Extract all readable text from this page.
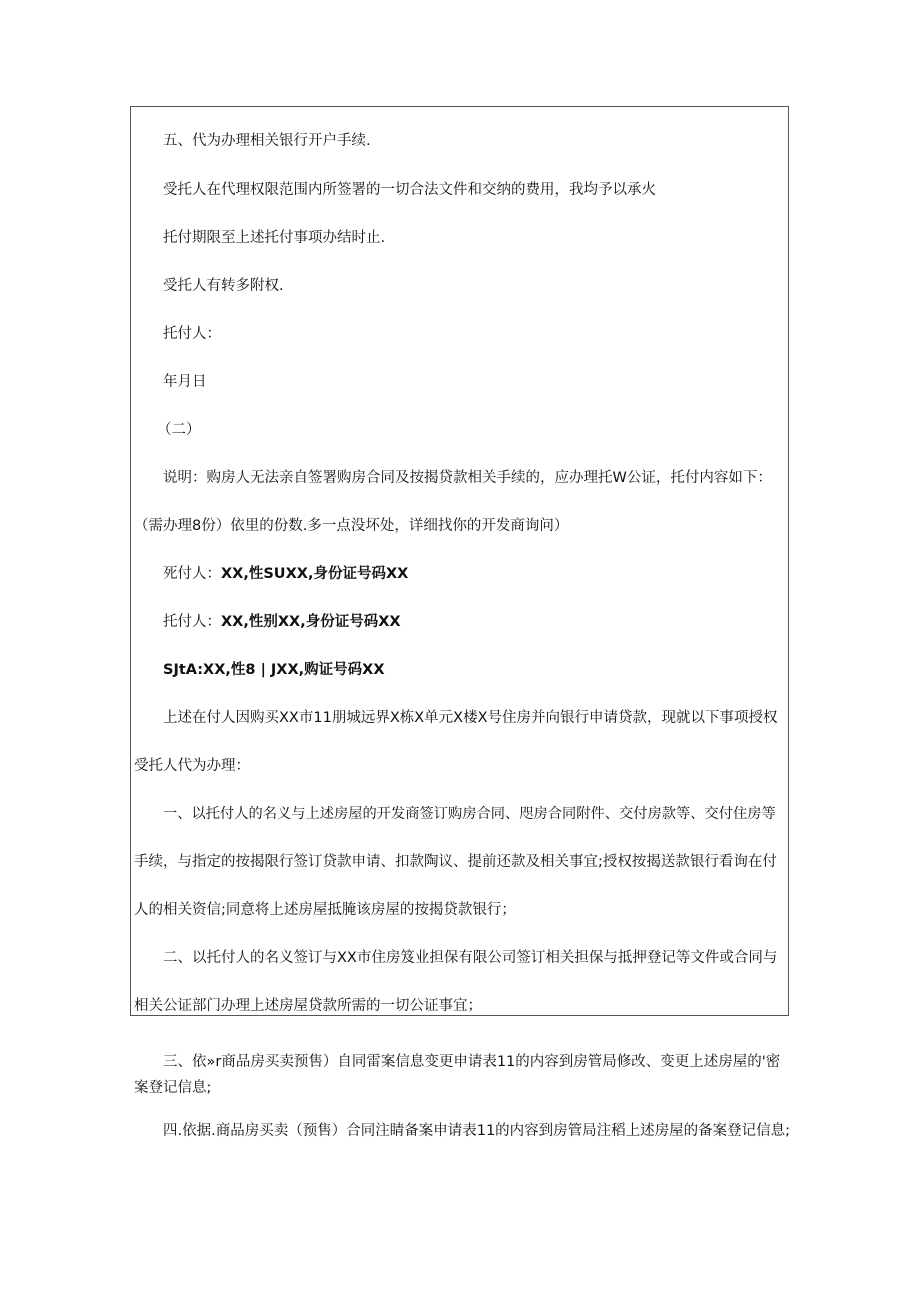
五、代为办理相关银行开户手续.

受托人在代理权限范围内所签署的一切合法文件和交纳的费用，我均予以承火

托付期限至上述托付事项办结时止.

受托人有转多附权.

托付人：

年月日

（二）

说明：购房人无法亲自签署购房合同及按揭贷款相关手续的，应办理托W公证，托付内容如下：

（需办理8份）依里的份数.多一点没坏处，详细找你的开发商询问）

死付人：XX,性SUXX,身份证号码XX

托付人：XX,性别XX,身份证号码XX

SJtA:XX,性8 | JXX,购证号码XX

上述在付人因购买XX市11朋城远界X栋X单元X楼X号住房并向银行申请贷款，现就以下事项授权

受托人代为办理：

一、以托付人的名义与上述房屋的开发商签订购房合同、咫房合同附件、交付房款等、交付住房等

手续，与指定的按揭限行签订贷款申请、扣款陶议、提前还款及相关事宜;授权按揭送款银行看询在付

人的相关资信;同意将上述房屋抵腌该房屋的按揭贷款银行；

二、以托付人的名义签订与XX市住房笈业担保有限公司签订相关担保与抵押登记等文件或合同与

相关公证部门办理上述房屋贷款所需的一切公证事宜；

三、依»r商品房买卖预售）自同雷案信息变更申请表11的内容到房管局修改、变更上述房屋的'密

案登记信息;

四.依据.商品房买卖（预售）合同注睛备案申请表11的内容到房管局注稻上述房屋的备案登记信息;
